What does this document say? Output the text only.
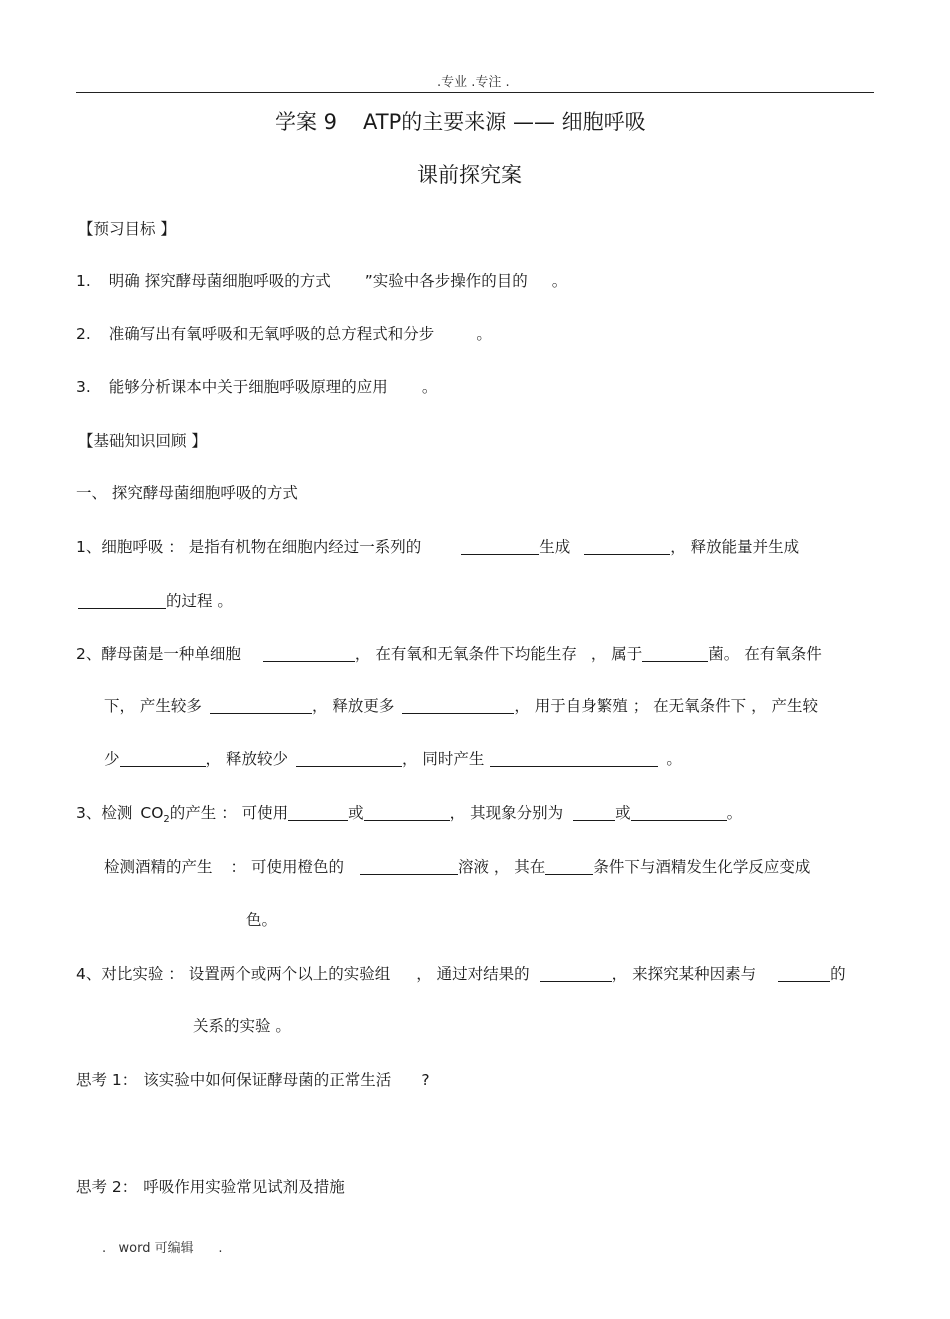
.专业 .专注 .
学案 9 ATP的主要来源 —— 细胞呼吸
课前探究案
【预习目标 】
1. 明确 探究酵母菌细胞呼吸的方式 ”实验中各步操作的目的 。
2. 准确写出有氧呼吸和无氧呼吸的总方程式和分步	。
3. 能够分析课本中关于细胞呼吸原理的应用 。
【基础知识回顾 】
一、 探究酵母菌细胞呼吸的方式
1、细胞呼吸 ： 是指有机物在细胞内经过一系列的	生成	， 释放能量并生成
的过程 。
2、酵母菌是一种单细胞	， 在有氧和无氧条件下均能生存 ， 属于	菌。 在有氧条件
下， 产生较多	， 释放更多	， 用于自身繁殖 ； 在无氧条件下 ， 产生较
少	， 释放较少	， 同时产生	。
3、检测 $CO_2$的产生 ： 可使用	或	， 其现象分别为	或	。
检测酒精的产生 ： 可使用橙色的	溶液 ， 其在	条件下与酒精发生化学反应变成
色。
4、对比实验 ： 设置两个或两个以上的实验组 ， 通过对结果的	， 来探究某种因素与	的
关系的实验 。
思考 1： 该实验中如何保证酵母菌的正常生活 ?
思考 2： 呼吸作用实验常见试剂及措施
.   word 可编辑      .
